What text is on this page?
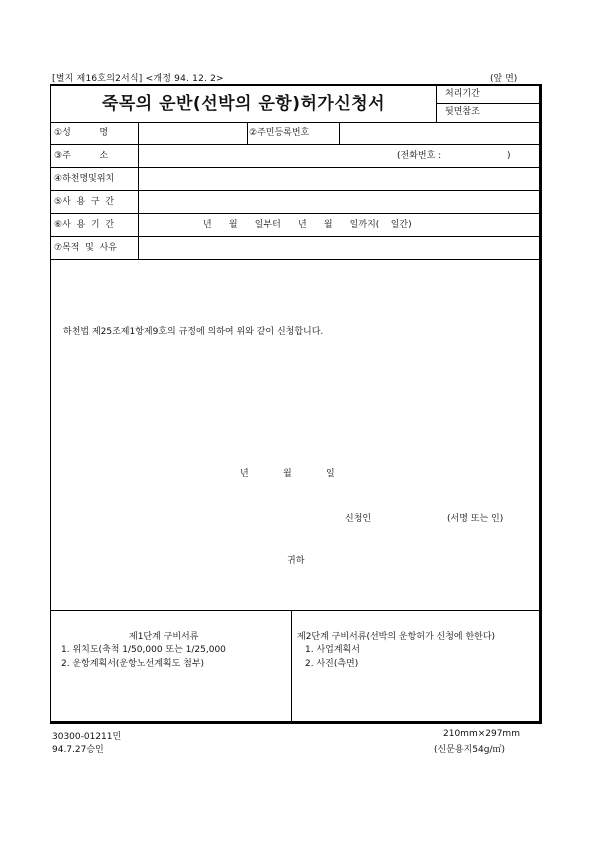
[별지 제16호의2서식] <개정 94. 12. 2>	(앞 면)
죽목의 운반(선박의 운항)허가신청서	처리기간
뒷면참조
①성          명	②주민등록번호
③주          소	(전화번호 :                       )
④하천명및위치
⑤사  용  구  간
⑥사  용  기  간	년      월      일부터      년      월      일까지(    일간)
⑦목적  및  사유
하천법 제25조제1항제9호의 규정에 의하여 위와 같이 신청합니다.
년            월            일
신청인	(서명 또는 인)
귀하
제1단계 구비서류
1. 위치도(축척 1/50,000 또는 1/25,000
2. 운항계획서(운항노선계획도 첨부)
제2단계 구비서류(선박의 운항허가 신청에 한한다)
1. 사업계획서
2. 사진(측면)
30300-01211민
94.7.27승인
210mm×297mm
(신문용지54g/㎡)
